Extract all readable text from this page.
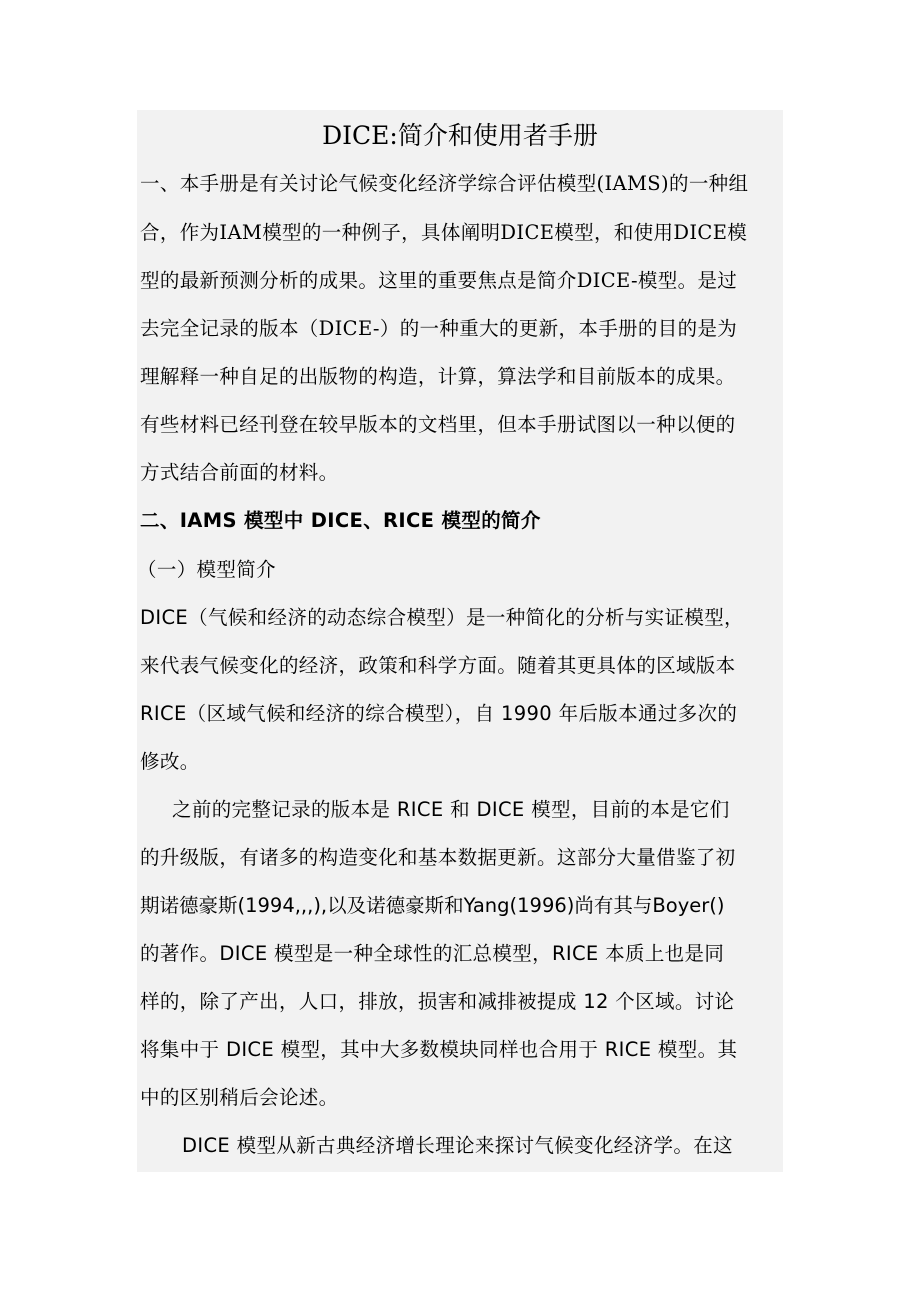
DICE:简介和使用者手册
一、本手册是有关讨论气候变化经济学综合评估模型(IAMS)的一种组
合，作为IAM模型的一种例子，具体阐明DICE模型，和使用DICE模
型的最新预测分析的成果。这里的重要焦点是简介DICE-模型。是过
去完全记录的版本（DICE-）的一种重大的更新，本手册的目的是为
理解释一种自足的出版物的构造，计算，算法学和目前版本的成果。
有些材料已经刊登在较早版本的文档里，但本手册试图以一种以便的
方式结合前面的材料。
二、IAMS 模型中 DICE、RICE 模型的简介
（一）模型简介
DICE（气候和经济的动态综合模型）是一种简化的分析与实证模型，
来代表气候变化的经济，政策和科学方面。随着其更具体的区域版本
RICE（区域气候和经济的综合模型），自 1990 年后版本通过多次的
修改。
之前的完整记录的版本是 RICE 和 DICE 模型，目前的本是它们
的升级版，有诸多的构造变化和基本数据更新。这部分大量借鉴了初
期诺德豪斯(1994,,,),以及诺德豪斯和Yang(1996)尚有其与Boyer()
的著作。DICE 模型是一种全球性的汇总模型，RICE 本质上也是同
样的，除了产出，人口，排放，损害和减排被提成 12 个区域。讨论
将集中于 DICE 模型，其中大多数模块同样也合用于 RICE 模型。其
中的区别稍后会论述。
DICE 模型从新古典经济增长理论来探讨气候变化经济学。在这
